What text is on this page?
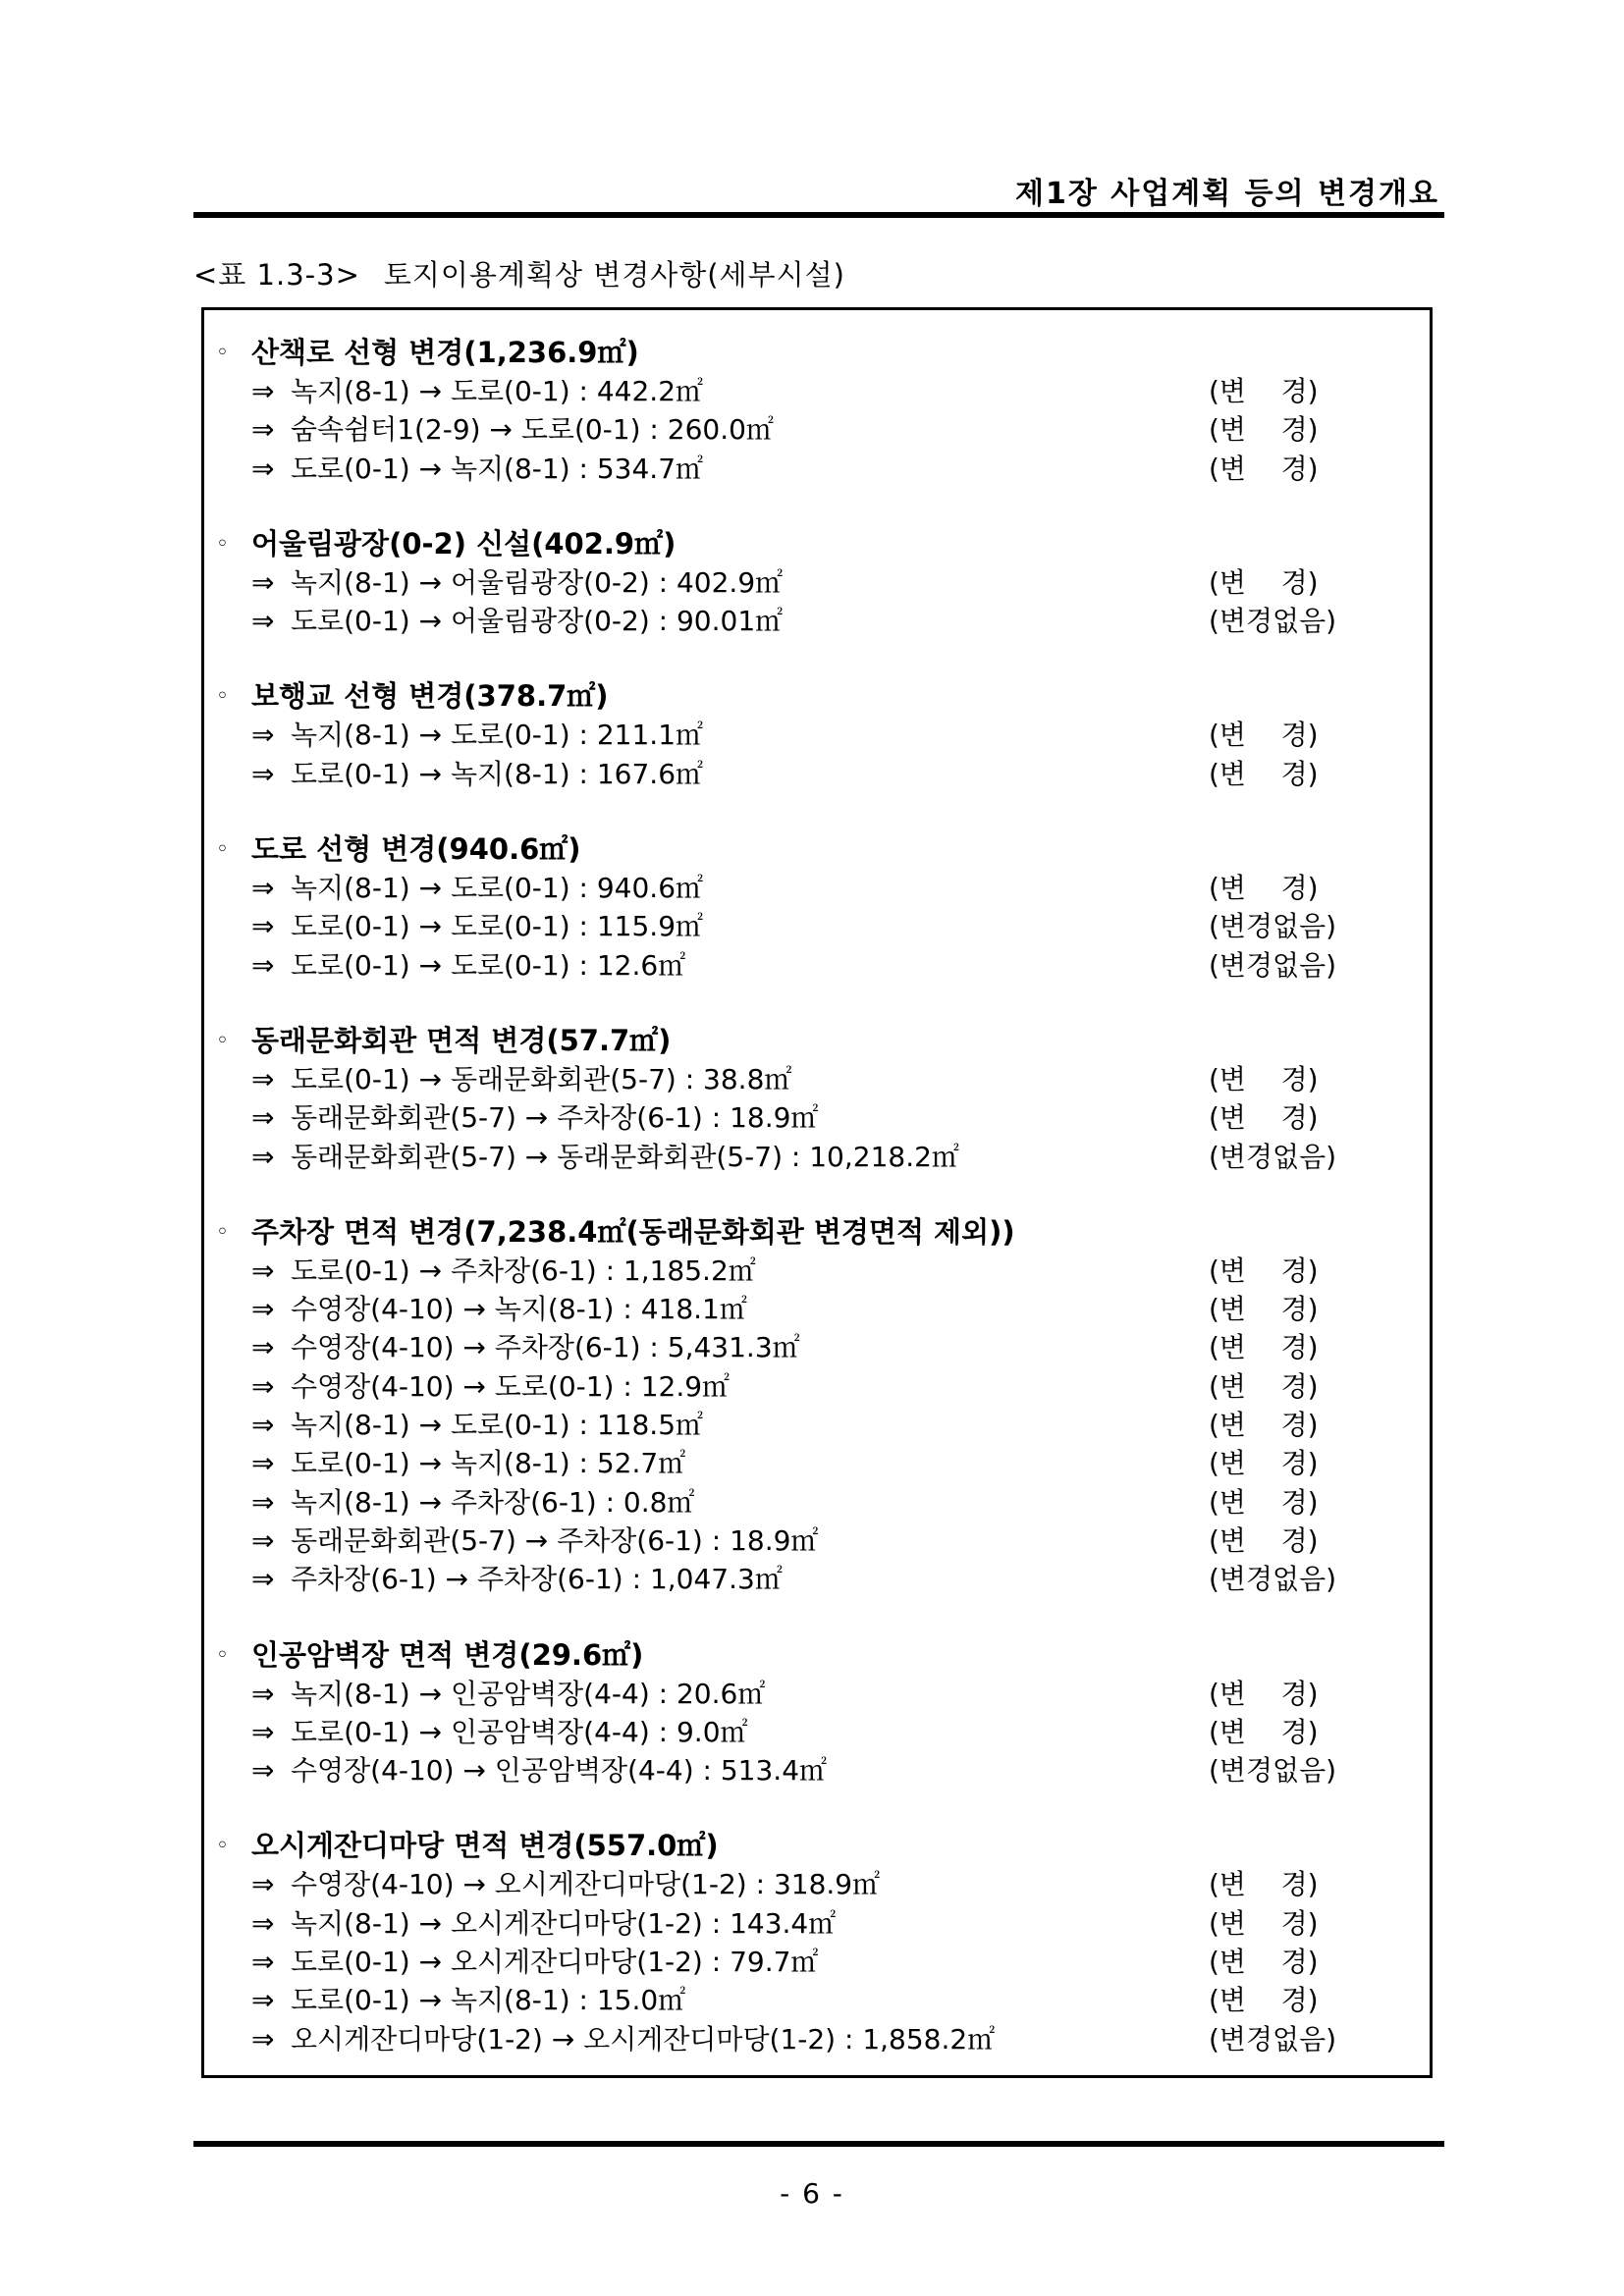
제1장 사업계획 등의 변경개요
<표 1.3-3> 토지이용계획상 변경사항(세부시설)
◦ 산책로 선형 변경(1,236.9㎡)
⇒ 녹지(8-1) → 도로(0-1) : 442.2㎡	(변    경)
⇒ 숨속쉼터1(2-9) → 도로(0-1) : 260.0㎡	(변    경)
⇒ 도로(0-1) → 녹지(8-1) : 534.7㎡	(변    경)
◦ 어울림광장(0-2) 신설(402.9㎡)
⇒ 녹지(8-1) → 어울림광장(0-2) : 402.9㎡	(변    경)
⇒ 도로(0-1) → 어울림광장(0-2) : 90.01㎡	(변경없음)
◦ 보행교 선형 변경(378.7㎡)
⇒ 녹지(8-1) → 도로(0-1) : 211.1㎡	(변    경)
⇒ 도로(0-1) → 녹지(8-1) : 167.6㎡	(변    경)
◦ 도로 선형 변경(940.6㎡)
⇒ 녹지(8-1) → 도로(0-1) : 940.6㎡	(변    경)
⇒ 도로(0-1) → 도로(0-1) : 115.9㎡	(변경없음)
⇒ 도로(0-1) → 도로(0-1) : 12.6㎡	(변경없음)
◦ 동래문화회관 면적 변경(57.7㎡)
⇒ 도로(0-1) → 동래문화회관(5-7) : 38.8㎡	(변    경)
⇒ 동래문화회관(5-7) → 주차장(6-1) : 18.9㎡	(변    경)
⇒ 동래문화회관(5-7) → 동래문화회관(5-7) : 10,218.2㎡	(변경없음)
◦ 주차장 면적 변경(7,238.4㎡(동래문화회관 변경면적 제외))
⇒ 도로(0-1) → 주차장(6-1) : 1,185.2㎡	(변    경)
⇒ 수영장(4-10) → 녹지(8-1) : 418.1㎡	(변    경)
⇒ 수영장(4-10) → 주차장(6-1) : 5,431.3㎡	(변    경)
⇒ 수영장(4-10) → 도로(0-1) : 12.9㎡	(변    경)
⇒ 녹지(8-1) → 도로(0-1) : 118.5㎡	(변    경)
⇒ 도로(0-1) → 녹지(8-1) : 52.7㎡	(변    경)
⇒ 녹지(8-1) → 주차장(6-1) : 0.8㎡	(변    경)
⇒ 동래문화회관(5-7) → 주차장(6-1) : 18.9㎡	(변    경)
⇒ 주차장(6-1) → 주차장(6-1) : 1,047.3㎡	(변경없음)
◦ 인공암벽장 면적 변경(29.6㎡)
⇒ 녹지(8-1) → 인공암벽장(4-4) : 20.6㎡	(변    경)
⇒ 도로(0-1) → 인공암벽장(4-4) : 9.0㎡	(변    경)
⇒ 수영장(4-10) → 인공암벽장(4-4) : 513.4㎡	(변경없음)
◦ 오시게잔디마당 면적 변경(557.0㎡)
⇒ 수영장(4-10) → 오시게잔디마당(1-2) : 318.9㎡	(변    경)
⇒ 녹지(8-1) → 오시게잔디마당(1-2) : 143.4㎡	(변    경)
⇒ 도로(0-1) → 오시게잔디마당(1-2) : 79.7㎡	(변    경)
⇒ 도로(0-1) → 녹지(8-1) : 15.0㎡	(변    경)
⇒ 오시게잔디마당(1-2) → 오시게잔디마당(1-2) : 1,858.2㎡	(변경없음)
- 6 -
